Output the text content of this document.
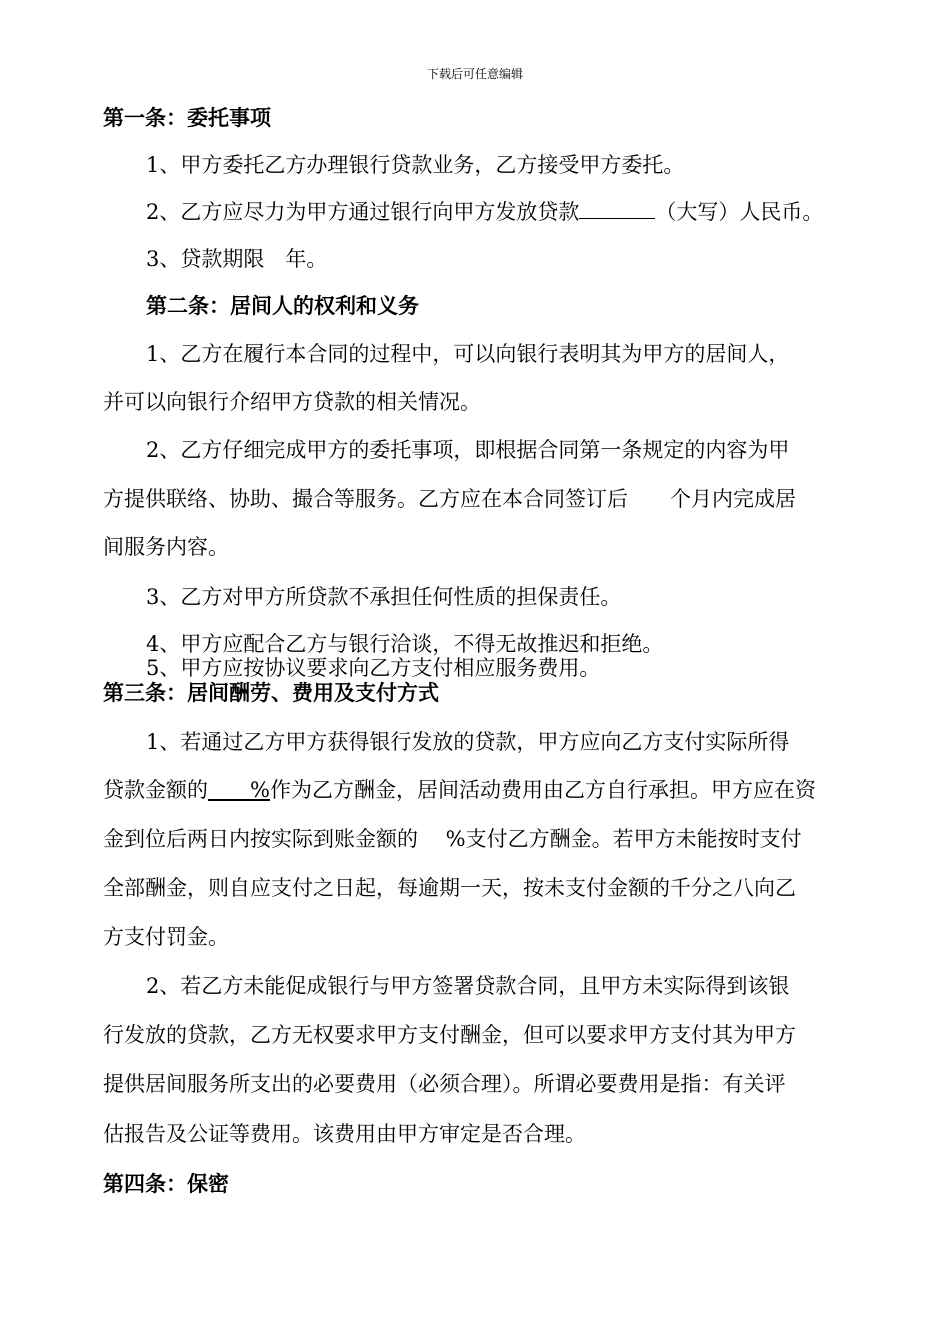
下载后可任意编辑
第一条：委托事项
1、甲方委托乙方办理银行贷款业务，乙方接受甲方委托。
2、乙方应尽力为甲方通过银行向甲方发放贷款	（大写）人民币。
3、贷款期限　年。
第二条：居间人的权利和义务
1、乙方在履行本合同的过程中，可以向银行表明其为甲方的居间人，
并可以向银行介绍甲方贷款的相关情况。
2、乙方仔细完成甲方的委托事项，即根据合同第一条规定的内容为甲
方提供联络、协助、撮合等服务。乙方应在本合同签订后　　个月内完成居
间服务内容。
3、乙方对甲方所贷款不承担任何性质的担保责任。
4、甲方应配合乙方与银行洽谈，不得无故推迟和拒绝。
5、甲方应按协议要求向乙方支付相应服务费用。
第三条：居间酬劳、费用及支付方式
1、若通过乙方甲方获得银行发放的贷款，甲方应向乙方支付实际所得
贷款金额的　　%作为乙方酬金，居间活动费用由乙方自行承担。甲方应在资
金到位后两日内按实际到账金额的　 %支付乙方酬金。若甲方未能按时支付
全部酬金，则自应支付之日起，每逾期一天，按未支付金额的千分之八向乙
方支付罚金。
2、若乙方未能促成银行与甲方签署贷款合同，且甲方未实际得到该银
行发放的贷款，乙方无权要求甲方支付酬金，但可以要求甲方支付其为甲方
提供居间服务所支出的必要费用（必须合理）。所谓必要费用是指：有关评
估报告及公证等费用。该费用由甲方审定是否合理。
第四条：保密
